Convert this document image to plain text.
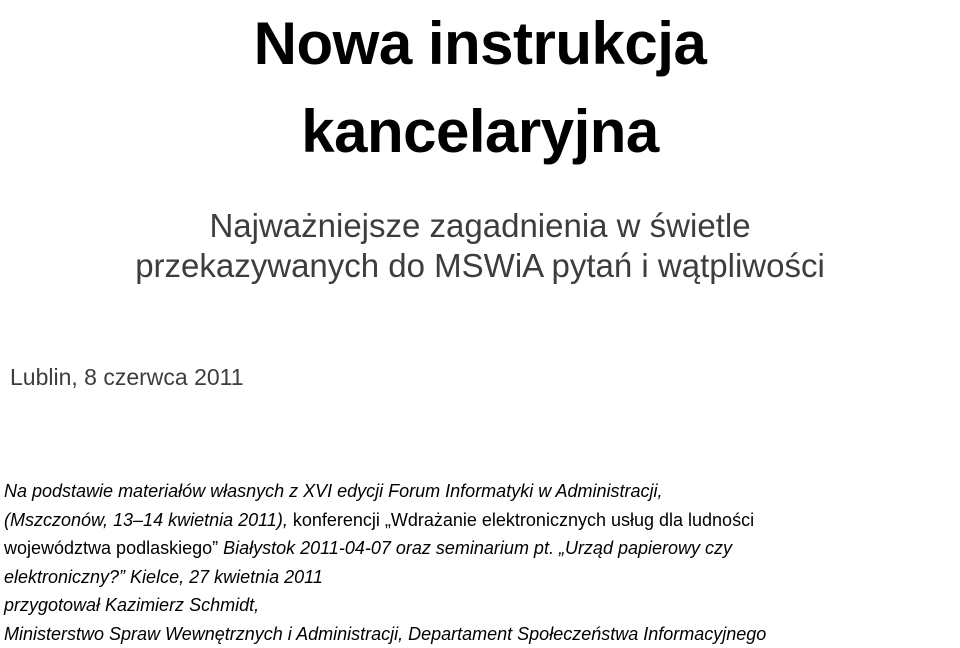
Nowa instrukcja
kancelaryjna
Najważniejsze zagadnienia w świetle
przekazywanych do MSWiA pytań i wątpliwości
Lublin, 8 czerwca 2011
Na podstawie materiałów własnych z XVI edycji Forum Informatyki w Administracji,
(Mszczonów, 13–14 kwietnia 2011), konferencji „Wdrażanie elektronicznych usług dla ludności
województwa podlaskiego” Białystok 2011-04-07 oraz seminarium pt. „Urząd papierowy czy
elektroniczny?” Kielce, 27 kwietnia 2011
przygotował Kazimierz Schmidt,
Ministerstwo Spraw Wewnętrznych i Administracji, Departament Społeczeństwa Informacyjnego
